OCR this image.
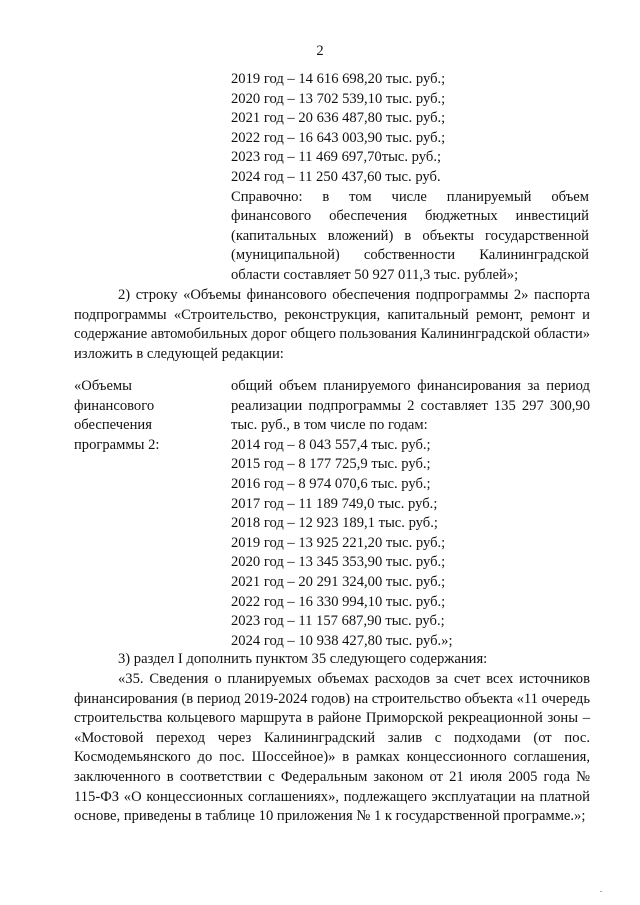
2
2019 год – 14 616 698,20 тыс. руб.;
2020 год – 13 702 539,10 тыс. руб.;
2021 год – 20 636 487,80 тыс. руб.;
2022 год – 16 643 003,90 тыс. руб.;
2023 год – 11 469 697,70тыс. руб.;
2024 год – 11 250 437,60 тыс. руб.
Справочно: в том числе планируемый объем финансового обеспечения бюджетных инвестиций (капитальных вложений) в объекты государственной (муниципальной) собственности Калининградской области составляет 50 927 011,3 тыс. рублей»;
2) строку «Объемы финансового обеспечения подпрограммы 2» паспорта подпрограммы «Строительство, реконструкция, капитальный ремонт, ремонт и содержание автомобильных дорог общего пользования Калининградской области» изложить в следующей редакции:
«Объемы
финансового
обеспечения
программы 2:
общий объем планируемого финансирования за период реализации подпрограммы 2 составляет 135 297 300,90 тыс. руб., в том числе по годам:
2014 год – 8 043 557,4 тыс. руб.;
2015 год – 8 177 725,9 тыс. руб.;
2016 год – 8 974 070,6 тыс. руб.;
2017 год – 11 189 749,0 тыс. руб.;
2018 год – 12 923 189,1 тыс. руб.;
2019 год – 13 925 221,20 тыс. руб.;
2020 год – 13 345 353,90 тыс. руб.;
2021 год – 20 291 324,00 тыс. руб.;
2022 год – 16 330 994,10 тыс. руб.;
2023 год – 11 157 687,90 тыс. руб.;
2024 год – 10 938 427,80 тыс. руб.»;
3) раздел I дополнить пунктом 35 следующего содержания:
«35. Сведения о планируемых объемах расходов за счет всех источников финансирования (в период 2019-2024 годов) на строительство объекта «11 очередь строительства кольцевого маршрута в районе Приморской рекреационной зоны – «Мостовой переход через Калининградский залив с подходами (от пос. Космодемьянского до пос. Шоссейное)» в рамках концессионного соглашения, заключенного в соответствии с Федеральным законом от 21 июля 2005 года № 115-ФЗ «О концессионных соглашениях», подлежащего эксплуатации на платной основе, приведены в таблице 10 приложения № 1 к государственной программе.»;
.
